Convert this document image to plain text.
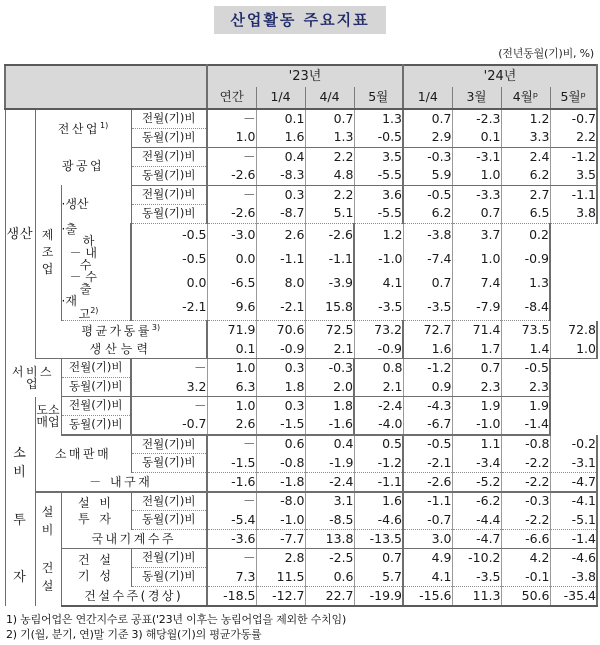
산업활동 주요지표
(전년동월(기)비, %)
				'23년				'24년			
				연간	1/4	4/4	5월	1/4	3월	4월ᵖ	5월ᵖ
생산	전산업$^{1)}$		전월(기)비	－	0.1	0.7	1.3	0.7	-2.3	1.2	-0.7
			동월(기)비	1.0	1.6	1.3	-0.5	2.9	0.1	3.3	2.2
	광공업		전월(기)비	－	0.4	2.2	3.5	-0.3	-3.1	2.4	-1.2
			동월(기)비	-2.6	-8.3	4.8	-5.5	5.9	1.0	6.2	3.5

	제
조
업	·생산	전월(기)비	－	0.3	2.2	3.6	-0.5	-3.3	2.7	-1.1
			동월(기)비	-2.6	-8.7	5.1	-5.5	6.2	0.7	6.5	3.8
		·출하	-0.5	-3.0	2.6	-2.6	1.2	-3.8	3.7	0.2	
		－ 내수	-0.5	0.0	-1.1	-1.1	-1.0	-7.4	1.0	-0.9	
		－ 수출	0.0	-6.5	8.0	-3.9	4.1	0.7	7.4	1.3	
		·재고$^{2)}$	-2.1	9.6	-2.1	15.8	-3.5	-3.5	-7.9	-8.4	
	평균가동률$^{3)}$			71.9	70.6	72.5	73.2	72.7	71.4	73.5	72.8
	생산능력			0.1	-0.9	2.1	-0.9	1.6	1.7	1.4	1.0
서비스업		전월(기)비	－	1.0	0.3	-0.3	0.8	-1.2	0.7	-0.5	
		동월(기)비	3.2	6.3	1.8	2.0	2.1	0.9	2.3	2.3	
	도소매업	전월(기)비	－	1.0	0.3	1.8	-2.4	-4.3	1.9	1.9	
		동월(기)비	-0.7	2.6	-1.5	-1.6	-4.0	-6.7	-1.0	-1.4	

소
비	소매판매		전월(기)비	－	0.6	0.4	0.5	-0.5	1.1	-0.8	-0.2
			동월(기)비	-1.5	-0.8	-1.9	-1.2	-2.1	-3.4	-2.2	-3.1
	－ 내구재			-1.6	-1.8	-2.4	-1.1	-2.6	-5.2	-2.2	-4.7
투	설
비	설 비
투 자	전월(기)비	－	-8.0	3.1	1.6	-1.1	-6.2	-0.3	-4.1
			동월(기)비	-5.4	-1.0	-8.5	-4.6	-0.7	-4.4	-2.2	-5.1
		국내기계수주		-3.6	-7.7	13.8	-13.5	3.0	-4.7	-6.6	-1.4
자	건
설	건 설
기 성	전월(기)비	－	2.8	-2.5	0.7	4.9	-10.2	4.2	-4.6
			동월(기)비	7.3	11.5	0.6	5.7	4.1	-3.5	-0.1	-3.8
		건설수주(경상)		-18.5	-12.7	22.7	-19.9	-15.6	11.3	50.6	-35.4
1) 농림어업은 연간지수로 공표('23년 이후는 농림어업을 제외한 수치임)
2) 기(월, 분기, 연)말 기준 3) 해당월(기)의 평균가동률
